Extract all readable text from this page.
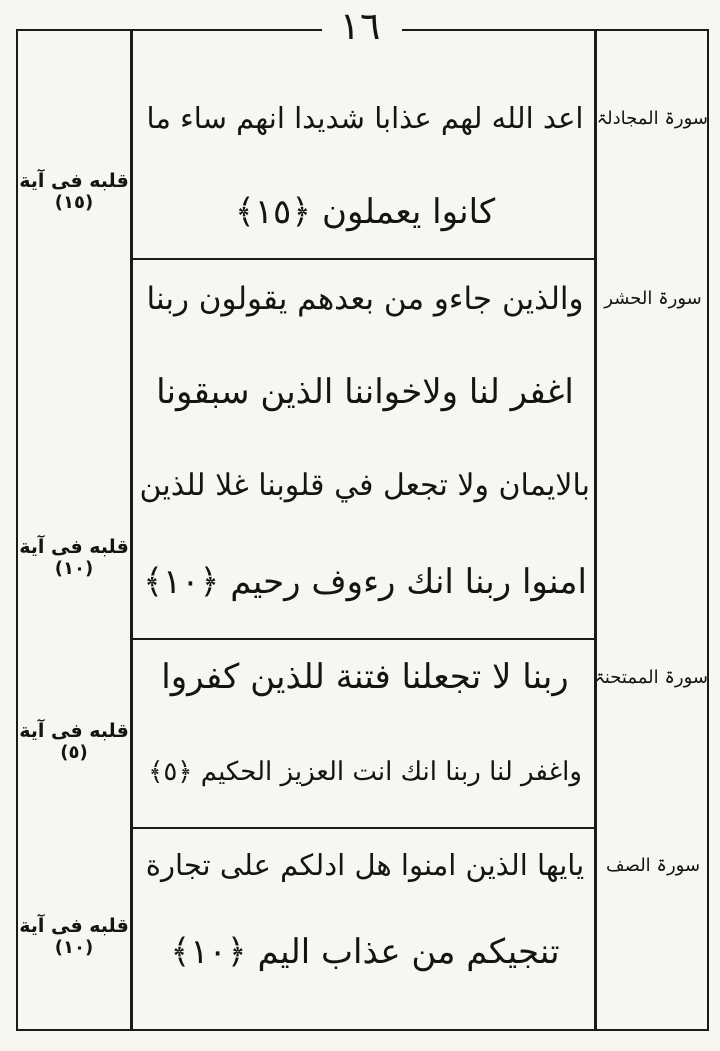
١٦
سورۃ المجادلۃ
اعد الله لهم عذابا شديدا انهم ساء ما
كانوا يعملون ﴿١٥﴾
قلبه فی آیة
(١٥)
سورۃ الحشر
والذين جاءو من بعدهم يقولون ربنا
اغفر لنا ولاخواننا الذين سبقونا
بالايمان ولا تجعل في قلوبنا غلا للذين
امنوا ربنا انك رءوف رحيم ﴿١٠﴾
قلبه فی آیة
(١٠)
سورۃ الممتحنۃ
ربنا لا تجعلنا فتنة للذين كفروا
واغفر لنا ربنا انك انت العزيز الحكيم ﴿٥﴾
قلبه فی آیة
(٥)
سورۃ الصف
يايها الذين امنوا هل ادلكم على تجارة
تنجيكم من عذاب اليم ﴿١٠﴾
قلبه فی آیة
(١٠)
